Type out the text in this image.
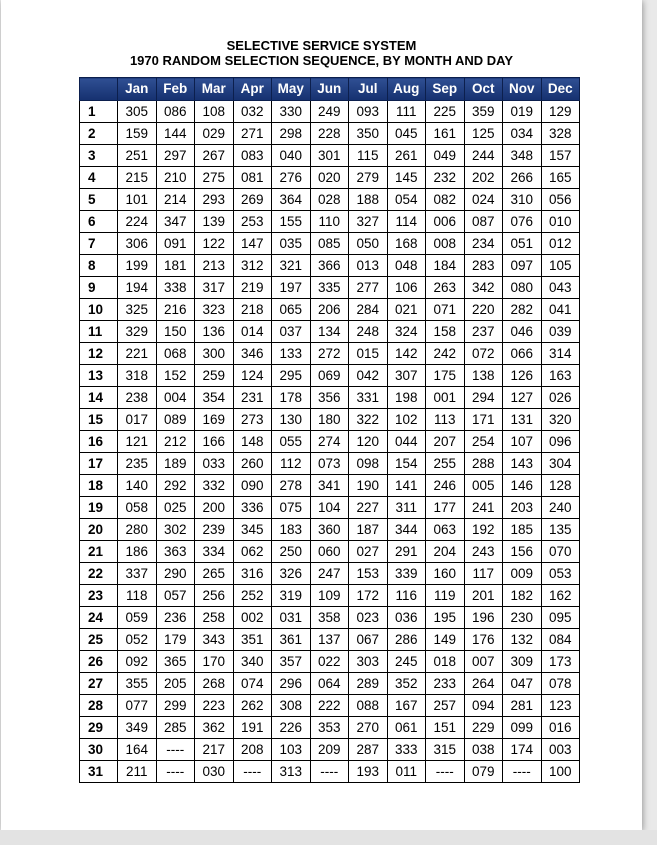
SELECTIVE SERVICE SYSTEM
1970 RANDOM SELECTION SEQUENCE, BY MONTH AND DAY
	Jan	Feb	Mar	Apr	May	Jun	Jul	Aug	Sep	Oct	Nov	Dec
1	305	086	108	032	330	249	093	111	225	359	019	129
2	159	144	029	271	298	228	350	045	161	125	034	328
3	251	297	267	083	040	301	115	261	049	244	348	157
4	215	210	275	081	276	020	279	145	232	202	266	165
5	101	214	293	269	364	028	188	054	082	024	310	056
6	224	347	139	253	155	110	327	114	006	087	076	010
7	306	091	122	147	035	085	050	168	008	234	051	012
8	199	181	213	312	321	366	013	048	184	283	097	105
9	194	338	317	219	197	335	277	106	263	342	080	043
10	325	216	323	218	065	206	284	021	071	220	282	041
11	329	150	136	014	037	134	248	324	158	237	046	039
12	221	068	300	346	133	272	015	142	242	072	066	314
13	318	152	259	124	295	069	042	307	175	138	126	163
14	238	004	354	231	178	356	331	198	001	294	127	026
15	017	089	169	273	130	180	322	102	113	171	131	320
16	121	212	166	148	055	274	120	044	207	254	107	096
17	235	189	033	260	112	073	098	154	255	288	143	304
18	140	292	332	090	278	341	190	141	246	005	146	128
19	058	025	200	336	075	104	227	311	177	241	203	240
20	280	302	239	345	183	360	187	344	063	192	185	135
21	186	363	334	062	250	060	027	291	204	243	156	070
22	337	290	265	316	326	247	153	339	160	117	009	053
23	118	057	256	252	319	109	172	116	119	201	182	162
24	059	236	258	002	031	358	023	036	195	196	230	095
25	052	179	343	351	361	137	067	286	149	176	132	084
26	092	365	170	340	357	022	303	245	018	007	309	173
27	355	205	268	074	296	064	289	352	233	264	047	078
28	077	299	223	262	308	222	088	167	257	094	281	123
29	349	285	362	191	226	353	270	061	151	229	099	016
30	164	----	217	208	103	209	287	333	315	038	174	003
31	211	----	030	----	313	----	193	011	----	079	----	100
